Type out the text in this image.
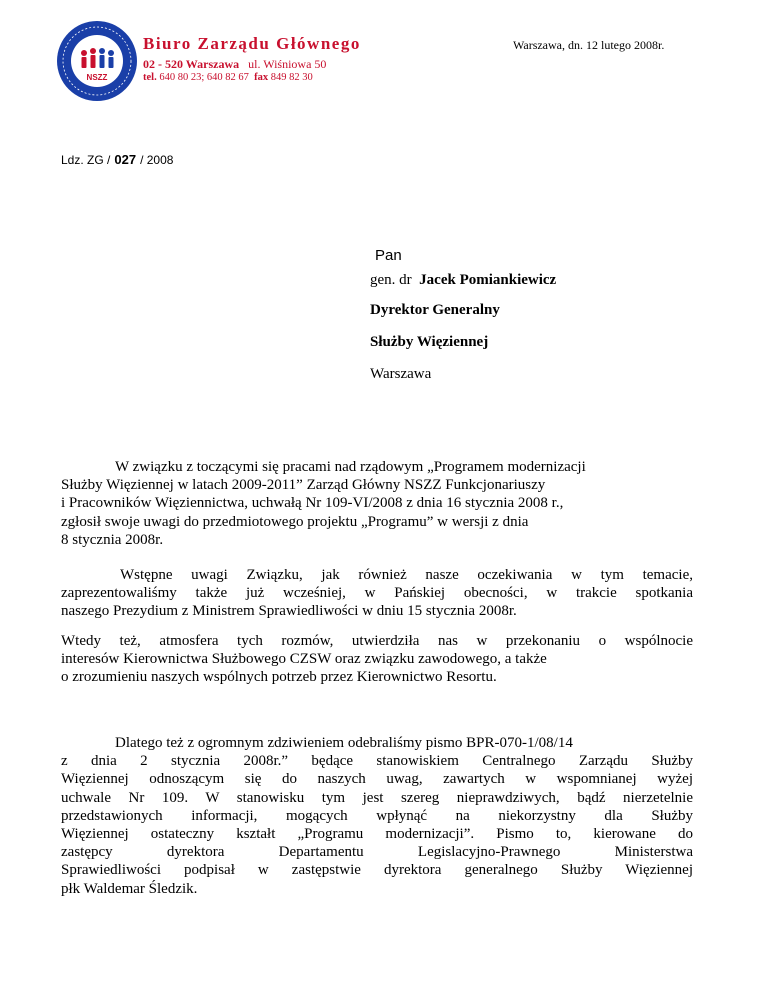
NSZZ
Biuro Zarządu Głównego
02 - 520 Warszawa ul. Wiśniowa 50
tel. 640 80 23; 640 82 67 fax 849 82 30
Warszawa, dn. 12 lutego 2008r.
Ldz. ZG / 027 / 2008
Pan
gen. dr Jacek Pomiankiewicz
Dyrektor Generalny
Służby Więziennej
Warszawa
W związku z toczącymi się pracami nad rządowym „Programem modernizacji
Służby Więziennej w latach 2009-2011” Zarząd Główny NSZZ Funkcjonariuszy
i Pracowników Więziennictwa, uchwałą Nr 109-VI/2008 z dnia 16 stycznia 2008 r.,
zgłosił swoje uwagi do przedmiotowego projektu „Programu” w wersji z dnia
8 stycznia 2008r.
Wstępne uwagi Związku, jak również nasze oczekiwania w tym temacie,
zaprezentowaliśmy także już wcześniej, w Pańskiej obecności, w trakcie spotkania
naszego Prezydium z Ministrem Sprawiedliwości w dniu 15 stycznia 2008r.
Wtedy też, atmosfera tych rozmów, utwierdziła nas w przekonaniu o wspólnocie
interesów Kierownictwa Służbowego CZSW oraz związku zawodowego, a także
o zrozumieniu naszych wspólnych potrzeb przez Kierownictwo Resortu.
Dlatego też z ogromnym zdziwieniem odebraliśmy pismo BPR-070-1/08/14
z dnia 2 stycznia 2008r.” będące stanowiskiem Centralnego Zarządu Służby
Więziennej odnoszącym się do naszych uwag, zawartych w wspomnianej wyżej
uchwale Nr 109. W stanowisku tym jest szereg nieprawdziwych, bądź nierzetelnie
przedstawionych informacji, mogących wpłynąć na niekorzystny dla Służby
Więziennej ostateczny kształt „Programu modernizacji”. Pismo to, kierowane do
zastępcy dyrektora Departamentu Legislacyjno-Prawnego Ministerstwa
Sprawiedliwości podpisał w zastępstwie dyrektora generalnego Służby Więziennej
płk Waldemar Śledzik.
